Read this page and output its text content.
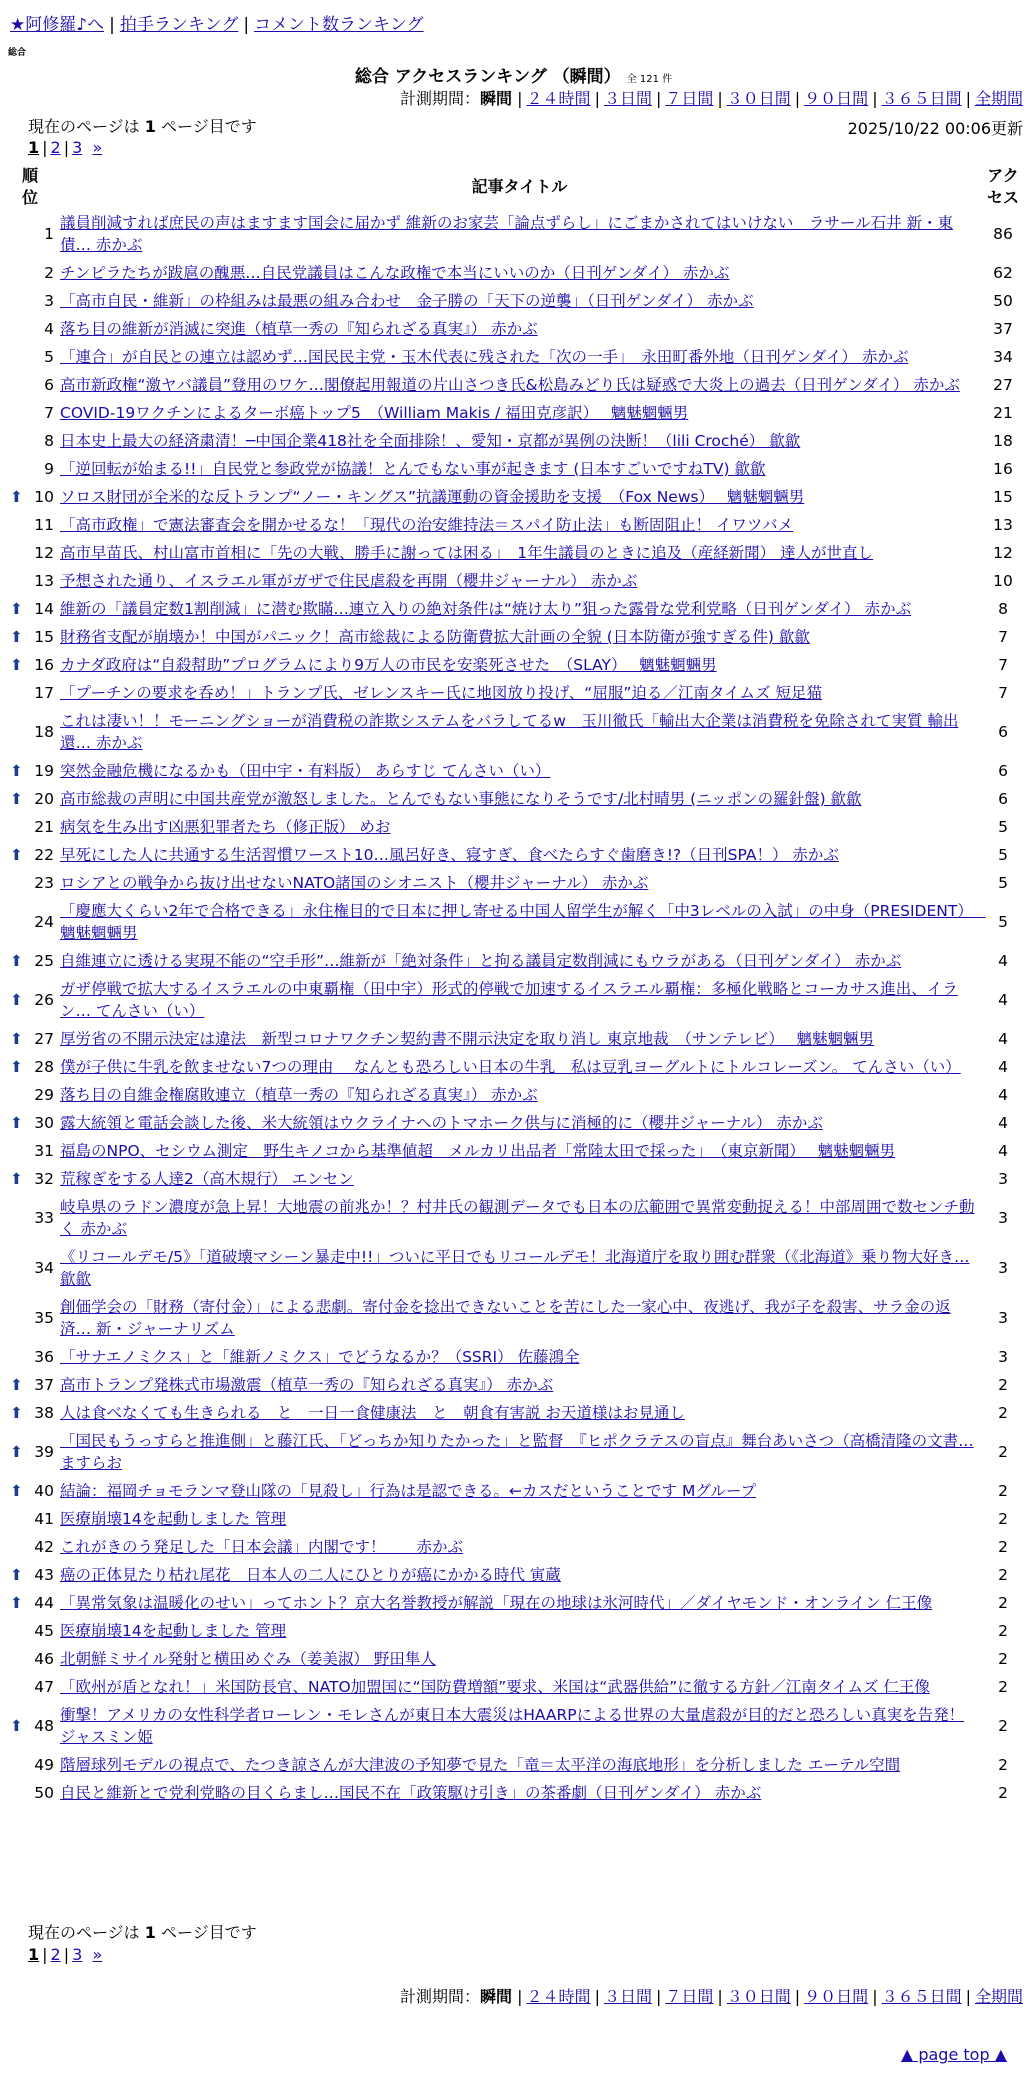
★阿修羅♪へ | 拍手ランキング | コメント数ランキング
総合
総合 アクセスランキング （瞬間） 全 121 件
計測期間：瞬間 | ２４時間 | ３日間 | ７日間 | ３０日間 | ９０日間 | ３６５日間 | 全期間
現在のページは 1 ページ目です	2025/10/22 00:06更新
1 | 2 | 3 »
順位		記事タイトル	アクセス
	1	議員削減すれば庶民の声はますます国会に届かず 維新のお家芸「論点ずらし」にごまかされてはいけない　ラサール石井 新・東債… 赤かぶ	86
	2	チンピラたちが跋扈の醜悪…自民党議員はこんな政権で本当にいいのか（日刊ゲンダイ） 赤かぶ	62
	3	「高市自民・維新」の枠組みは最悪の組み合わせ　金子勝の「天下の逆襲」（日刊ゲンダイ） 赤かぶ	50
	4	落ち目の維新が消滅に突進（植草一秀の『知られざる真実』） 赤かぶ	37
	5	「連合」が自民との連立は認めず…国民民主党・玉木代表に残された「次の一手」　永田町番外地（日刊ゲンダイ） 赤かぶ	34
	6	高市新政権“激ヤバ議員”登用のワケ…閣僚起用報道の片山さつき氏&松島みどり氏は疑惑で大炎上の過去（日刊ゲンダイ） 赤かぶ	27
	7	COVID-19ワクチンによるターボ癌トップ5　（William Makis / 福田克彦訳）　 魑魅魍魎男	21
	8	日本史上最大の経済粛清！─中国企業418社を全面排除！、愛知・京都が異例の決断！（lili Croché） 歙歙	18
	9	「逆回転が始まる!!」自民党と参政党が協議！とんでもない事が起きます (日本すごいですねTV) 歙歙	16
⬆	10	ソロス財団が全米的な反トランプ“ノー・キングス”抗議運動の資金援助を支援　（Fox News）　 魑魅魍魎男	15
	11	「高市政権」で憲法審査会を開かせるな！「現代の治安維持法＝スパイ防止法」も断固阻止！ イワツバメ	13
	12	高市早苗氏、村山富市首相に「先の大戦、勝手に謝っては困る」　1年生議員のときに追及（産経新聞） 達人が世直し	12
	13	予想された通り、イスラエル軍がガザで住民虐殺を再開（櫻井ジャーナル） 赤かぶ	10
⬆	14	維新の「議員定数1割削減」に潜む欺瞞…連立入りの絶対条件は“焼け太り”狙った露骨な党利党略（日刊ゲンダイ） 赤かぶ	8
⬆	15	財務省支配が崩壊か！中国がパニック！高市総裁による防衛費拡大計画の全貌 (日本防衛が強すぎる件) 歙歙	7
⬆	16	カナダ政府は“自殺幇助”プログラムにより9万人の市民を安楽死させた　（SLAY）　 魑魅魍魎男	7
	17	「プーチンの要求を呑め！」トランプ氏、ゼレンスキー氏に地図放り投げ、“屈服”迫る／江南タイムズ 短足猫	7
	18	これは凄い！！モーニングショーが消費税の詐欺システムをバラしてるw　玉川徹氏「輸出大企業は消費税を免除されて実質 輸出還… 赤かぶ	6
⬆	19	突然金融危機になるかも（田中宇・有料版） あらすじ てんさい（い）	6
⬆	20	高市総裁の声明に中国共産党が激怒しました。とんでもない事態になりそうです/北村晴男 (ニッポンの羅針盤) 歙歙	6
	21	病気を生み出す凶悪犯罪者たち（修正版） めお	5
⬆	22	早死にした人に共通する生活習慣ワースト10…風呂好き、寝すぎ、食べたらすぐ歯磨き!?（日刊SPA！） 赤かぶ	5
	23	ロシアとの戦争から抜け出せないNATO諸国のシオニスト（櫻井ジャーナル） 赤かぶ	5
	24	「慶應大くらい2年で合格できる」永住権目的で日本に押し寄せる中国人留学生が解く「中3レベルの入試」の中身（PRESIDENT）　 魑魅魍魎男	5
⬆	25	自維連立に透ける実現不能の“空手形”…維新が「絶対条件」と拘る議員定数削減にもウラがある（日刊ゲンダイ） 赤かぶ	4
⬆	26	ガザ停戦で拡大するイスラエルの中東覇権（田中宇）形式的停戦で加速するイスラエル覇権：多極化戦略とコーカサス進出、イラン… てんさい（い）	4
⬆	27	厚労省の不開示決定は違法　新型コロナワクチン契約書不開示決定を取り消し 東京地裁　（サンテレビ）　 魑魅魍魎男	4
⬆	28	僕が子供に牛乳を飲ませない7つの理由　 なんとも恐ろしい日本の牛乳　私は豆乳ヨーグルトにトルコレーズン。 てんさい（い）	4
	29	落ち目の自維金権腐敗連立（植草一秀の『知られざる真実』） 赤かぶ	4
⬆	30	露大統領と電話会談した後、米大統領はウクライナへのトマホーク供与に消極的に（櫻井ジャーナル） 赤かぶ	4
	31	福島のNPO、セシウム測定　野生キノコから基準値超　メルカリ出品者「常陸太田で採った」　（東京新聞）　 魑魅魍魎男	4
⬆	32	荒稼ぎをする人達2（高木規行） エンセン	3
	33	岐阜県のラドン濃度が急上昇！大地震の前兆か！？村井氏の観測データでも日本の広範囲で異常変動捉える！中部周囲で数センチ動く 赤かぶ	3
	34	《リコールデモ/5》「道破壊マシーン暴走中!!」ついに平日でもリコールデモ！北海道庁を取り囲む群衆（《北海道》乗り物大好き… 歙歙	3
	35	創価学会の「財務（寄付金）」による悲劇。寄付金を捻出できないことを苦にした一家心中、夜逃げ、我が子を殺害、サラ金の返済… 新・ジャーナリズム	3
	36	「サナエノミクス」と「維新ノミクス」でどうなるか？（SSRI） 佐藤鴻全	3
⬆	37	高市トランプ発株式市場激震（植草一秀の『知られざる真実』） 赤かぶ	2
⬆	38	人は食べなくても生きられる　と　一日一食健康法　と　朝食有害説 お天道様はお見通し	2
⬆	39	「国民もうっすらと推進側」と藤江氏、「どっちか知りたかった」と監督　『ヒポクラテスの盲点』舞台あいさつ（高橋清隆の文書… ますらお	2
⬆	40	結論：福岡チョモランマ登山隊の「見殺し」行為は是認できる。←カスだということです Mグループ	2
	41	医療崩壊14を起動しました 管理	2
	42	これがきのう発足した「日本会議」内閣です！　　赤かぶ	2
⬆	43	癌の正体見たり枯れ尾花　日本人の二人にひとりが癌にかかる時代 寅蔵	2
⬆	44	「異常気象は温暖化のせい」ってホント？京大名誉教授が解説「現在の地球は氷河時代」／ダイヤモンド・オンライン 仁王像	2
	45	医療崩壊14を起動しました 管理	2
	46	北朝鮮ミサイル発射と横田めぐみ（姜美淑） 野田隼人	2
	47	「欧州が盾となれ！」米国防長官、NATO加盟国に“国防費増額”要求、米国は“武器供給”に徹する方針／江南タイムズ 仁王像	2
⬆	48	衝撃！アメリカの女性科学者ローレン・モレさんが東日本大震災はHAARPによる世界の大量虐殺が目的だと恐ろしい真実を告発！ ジャスミン姫	2
	49	階層球列モデルの視点で、たつき諒さんが大津波の予知夢で見た「竜＝太平洋の海底地形」を分析しました エーテル空間	2
	50	自民と維新とで党利党略の目くらまし…国民不在「政策駆け引き」の茶番劇（日刊ゲンダイ） 赤かぶ	2
現在のページは 1 ページ目です
1 | 2 | 3 »
計測期間：瞬間 | ２４時間 | ３日間 | ７日間 | ３０日間 | ９０日間 | ３６５日間 | 全期間
▲ page top ▲
